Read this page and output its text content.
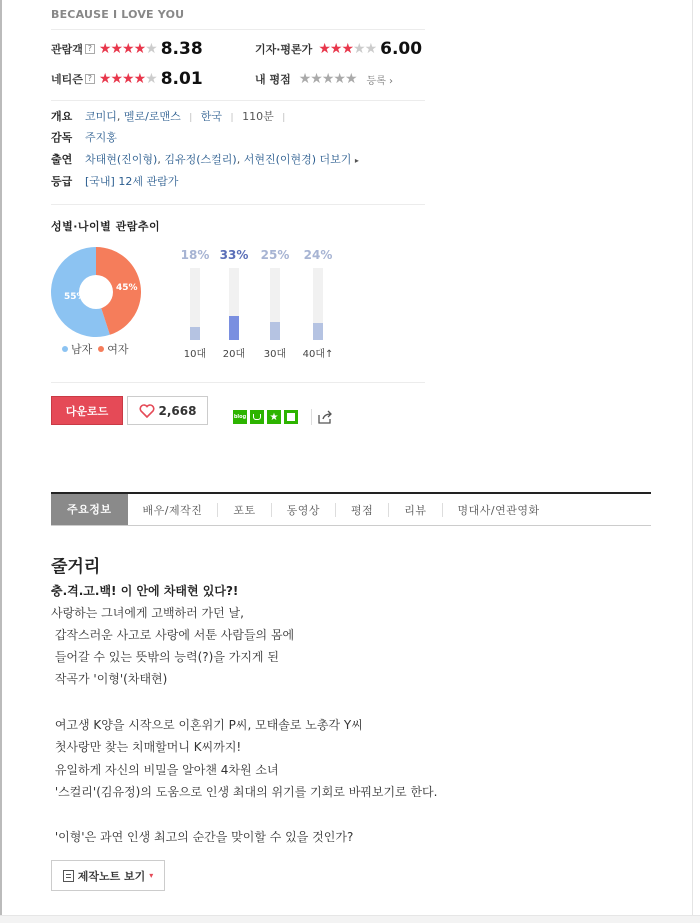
BECAUSE I LOVE YOU
관람객 ? ★ ★ ★ ★ ★ 8.38	기자·평론가 ★ ★ ★ ★ ★ 6.00
네티즌 ? ★ ★ ★ ★ ★ 8.01	내 평점 ★ ★ ★ ★ ★ 등록 ›
개요	코미디, 멜로/로맨스 | 한국 | 110분 |
감독	주지홍
출연	차태현(진이형), 김유정(스컬리), 서현진(이현경) 더보기 ▸
등급	[국내] 12세 관람가
성별·나이별 관람추이
55%
45%
남자	여자
18%
10대
33%
20대
25%
30대
24%
40대↑
다운로드	2,668	blog ★
주요정보	배우/제작진	포토	동영상	평점	리뷰	명대사/연관영화
줄거리
충.격.고.백! 이 안에 차태현 있다?!
사랑하는 그녀에게 고백하러 가던 날,
갑작스러운 사고로 사랑에 서툰 사람들의 몸에
들어갈 수 있는 뜻밖의 능력(?)을 가지게 된
작곡가 '이형'(차태현)
여고생 K양을 시작으로 이혼위기 P씨, 모태솔로 노총각 Y씨
첫사랑만 찾는 치매할머니 K씨까지!
유일하게 자신의 비밀을 알아챈 4차원 소녀
'스컬리'(김유정)의 도움으로 인생 최대의 위기를 기회로 바꿔보기로 한다.
'이형'은 과연 인생 최고의 순간을 맞이할 수 있을 것인가?
제작노트 보기 ▾
